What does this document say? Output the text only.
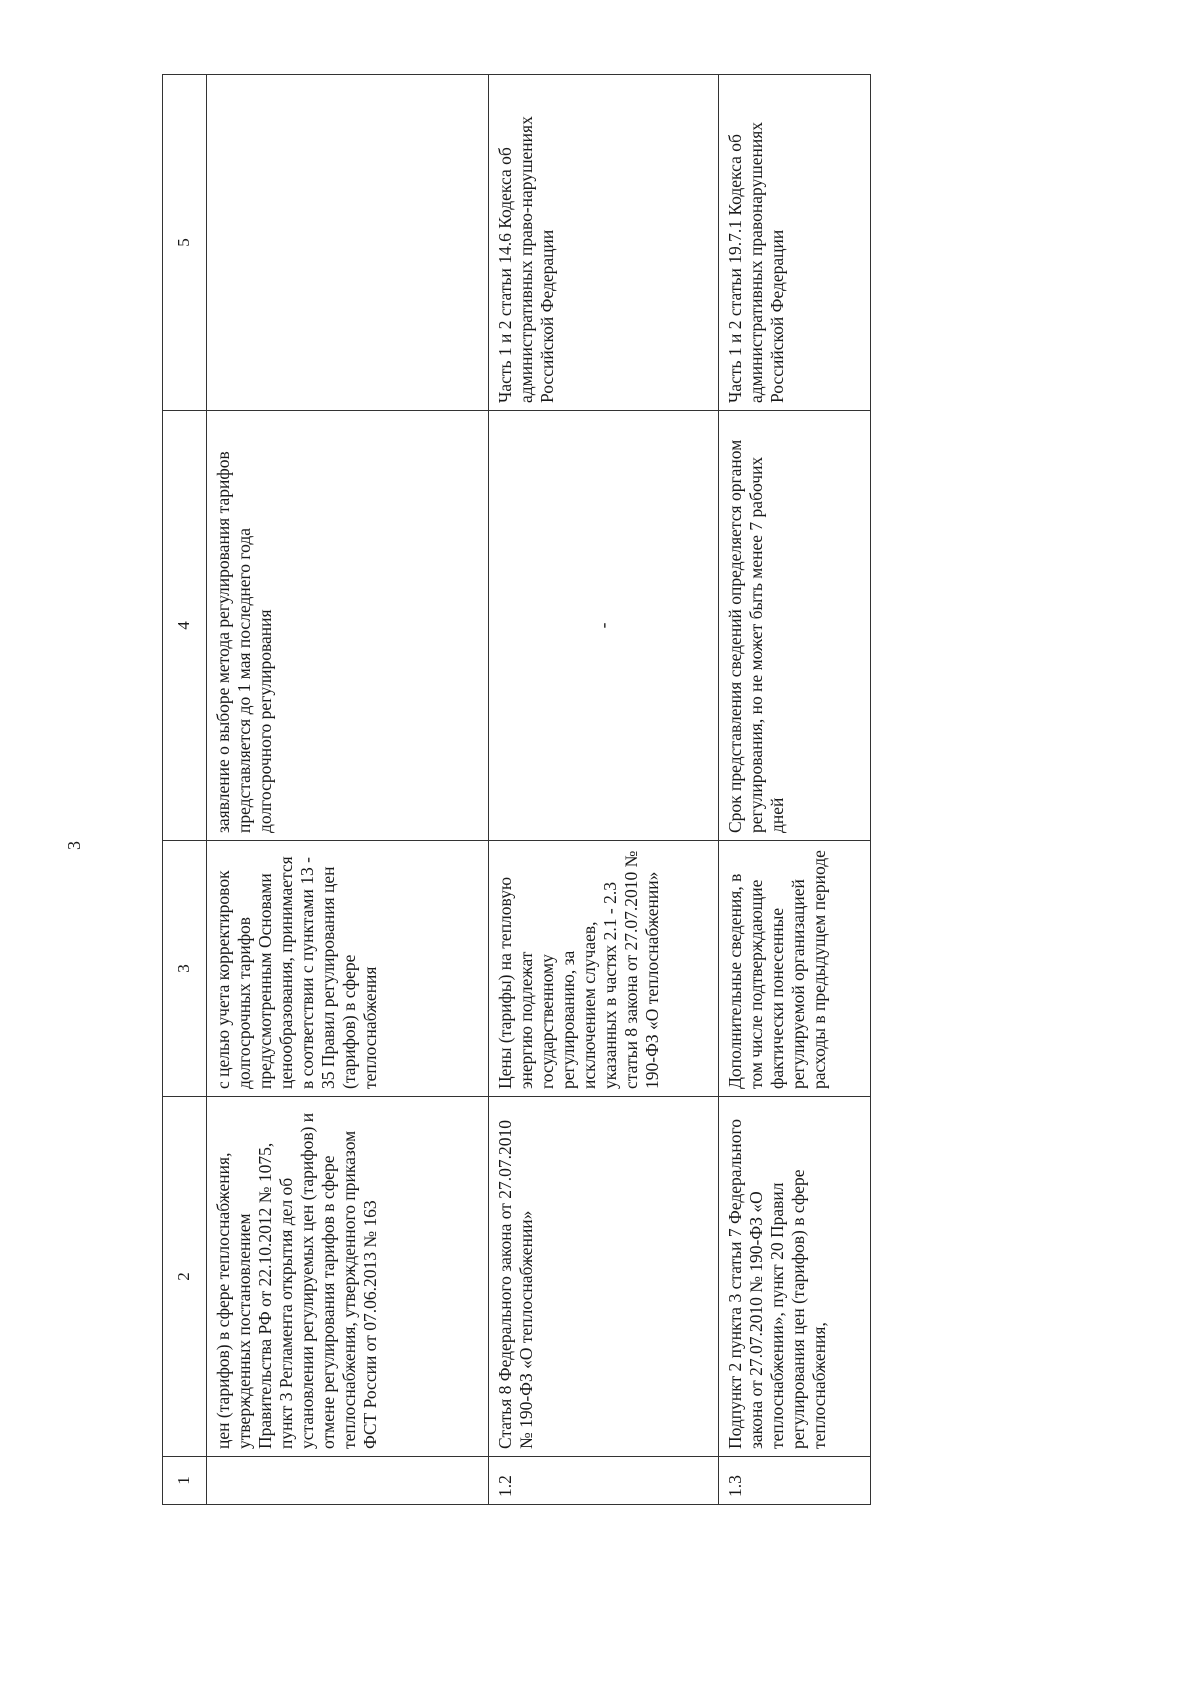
3
1	2	3	4	5
	цен (тарифов) в сфере теплоснабжения, утвержденных постановлением Правительства РФ от 22.10.2012 № 1075, пункт 3 Регламента открытия дел об установлении регулируемых цен (тарифов) и отмене регулирования тарифов в сфере теплоснабжения, утвержденного приказом ФСТ России от 07.06.2013 № 163	с целью учета корректировок долгосрочных тарифов предусмотренным Основами ценообразования, принимается в соответствии с пунктами 13 - 35 Правил регулирования цен (тарифов) в сфере теплоснабжения	заявление о выборе метода регулирования тарифов представляется до 1 мая последнего года долгосрочного регулирования	
1.2	Статья 8 Федерального закона от 27.07.2010 № 190-ФЗ «О теплоснабжении»	Цены (тарифы) на тепловую энергию подлежат государственному регулированию, за исключением случаев, указанных в частях 2.1 - 2.3 статьи 8 закона от 27.07.2010 № 190-ФЗ «О теплоснабжении»	-	Часть 1 и 2 статьи 14.6 Кодекса об административных право-нарушениях Российской Федерации
1.3	Подпункт 2 пункта 3 статьи 7 Федерального закона от 27.07.2010 № 190-ФЗ «О теплоснабжении», пункт 20 Правил регулирования цен (тарифов) в сфере теплоснабжения,	Дополнительные сведения, в том числе подтверждающие фактически понесенные регулируемой организацией расходы в предыдущем периоде	Срок представления сведений определяется органом регулирования, но не может быть менее 7 рабочих дней	Часть 1 и 2 статьи 19.7.1 Кодекса об административных правонарушениях Российской Федерации
